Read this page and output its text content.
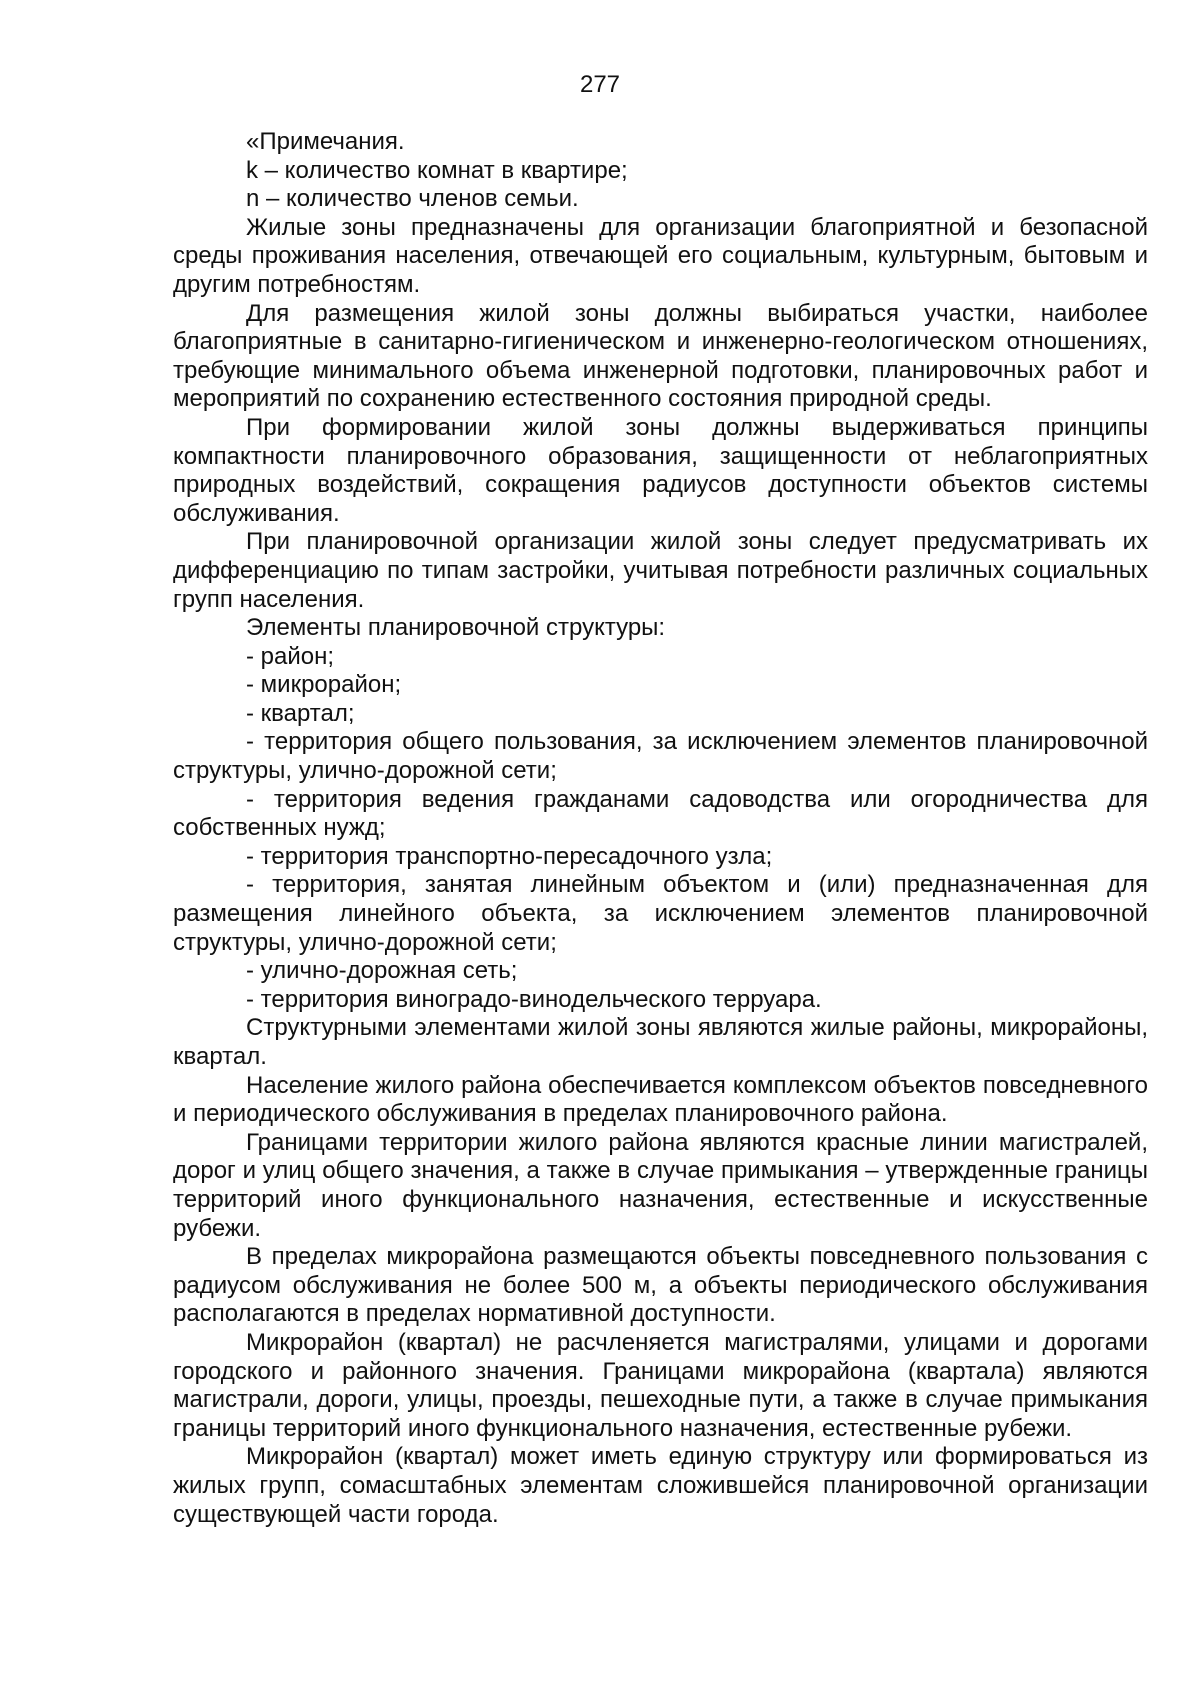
277

«Примечания.

k – количество комнат в квартире;

n – количество членов семьи.

Жилые зоны предназначены для организации благоприятной и безопасной среды проживания населения, отвечающей его социальным, культурным, бытовым и другим потребностям.

Для размещения жилой зоны должны выбираться участки, наиболее благоприятные в санитарно-гигиеническом и инженерно-геологическом отношениях, требующие минимального объема инженерной подготовки, планировочных работ и мероприятий по сохранению естественного состояния природной среды.

При формировании жилой зоны должны выдерживаться принципы компактности планировочного образования, защищенности от неблагоприятных природных воздействий, сокращения радиусов доступности объектов системы обслуживания.

При планировочной организации жилой зоны следует предусматривать их дифференциацию по типам застройки, учитывая потребности различных социальных групп населения.

Элементы планировочной структуры:

- район;

- микрорайон;

- квартал;

- территория общего пользования, за исключением элементов планировочной структуры, улично-дорожной сети;

- территория ведения гражданами садоводства или огородничества для собственных нужд;

- территория транспортно-пересадочного узла;

- территория, занятая линейным объектом и (или) предназначенная для размещения линейного объекта, за исключением элементов планировочной структуры, улично-дорожной сети;

- улично-дорожная сеть;

- территория виноградо-винодельческого терруара.

Структурными элементами жилой зоны являются жилые районы, микрорайоны, квартал.

Население жилого района обеспечивается комплексом объектов повседневного и периодического обслуживания в пределах планировочного района.

Границами территории жилого района являются красные линии магистралей, дорог и улиц общего значения, а также в случае примыкания – утвержденные границы территорий иного функционального назначения, естественные и искусственные рубежи.

В пределах микрорайона размещаются объекты повседневного пользования с радиусом обслуживания не более 500 м, а объекты периодического обслуживания располагаются в пределах нормативной доступности.

Микрорайон (квартал) не расчленяется магистралями, улицами и дорогами городского и районного значения. Границами микрорайона (квартала) являются магистрали, дороги, улицы, проезды, пешеходные пути, а также в случае примыкания границы территорий иного функционального назначения, естественные рубежи.

Микрорайон (квартал) может иметь единую структуру или формироваться из жилых групп, сомасштабных элементам сложившейся планировочной организации существующей части города.
